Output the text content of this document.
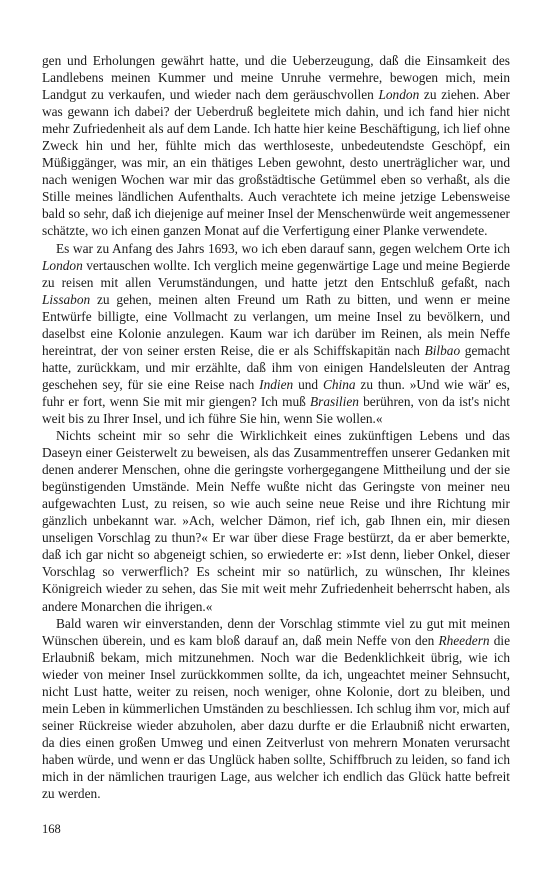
gen und Erholungen gewährt hatte, und die Ueberzeugung, daß die Einsamkeit des Landlebens meinen Kummer und meine Unruhe vermehre, bewogen mich, mein Landgut zu verkaufen, und wieder nach dem geräuschvollen London zu ziehen. Aber was gewann ich dabei? der Ueberdruß begleitete mich dahin, und ich fand hier nicht mehr Zufriedenheit als auf dem Lande. Ich hatte hier keine Beschäftigung, ich lief ohne Zweck hin und her, fühlte mich das werthloseste, unbedeutendste Geschöpf, ein Müßiggänger, was mir, an ein thätiges Leben gewohnt, desto unerträglicher war, und nach wenigen Wochen war mir das großstädtische Getümmel eben so verhaßt, als die Stille meines ländlichen Aufenthalts. Auch verachtete ich meine jetzige Lebensweise bald so sehr, daß ich diejenige auf meiner Insel der Menschenwürde weit angemessener schätzte, wo ich einen ganzen Monat auf die Verfertigung einer Planke verwendete.

Es war zu Anfang des Jahrs 1693, wo ich eben darauf sann, gegen welchem Orte ich London vertauschen wollte. Ich verglich meine gegenwärtige Lage und meine Begierde zu reisen mit allen Verumständungen, und hatte jetzt den Entschluß gefaßt, nach Lissabon zu gehen, meinen alten Freund um Rath zu bitten, und wenn er meine Entwürfe billigte, eine Vollmacht zu verlangen, um meine Insel zu bevölkern, und daselbst eine Kolonie anzulegen. Kaum war ich darüber im Reinen, als mein Neffe hereintrat, der von seiner ersten Reise, die er als Schiffskapitän nach Bilbao gemacht hatte, zurückkam, und mir erzählte, daß ihm von einigen Handelsleuten der Antrag geschehen sey, für sie eine Reise nach Indien und China zu thun. »Und wie wär' es, fuhr er fort, wenn Sie mit mir giengen? Ich muß Brasilien berühren, von da ist's nicht weit bis zu Ihrer Insel, und ich führe Sie hin, wenn Sie wollen.«

Nichts scheint mir so sehr die Wirklichkeit eines zukünftigen Lebens und das Daseyn einer Geisterwelt zu beweisen, als das Zusammentreffen unserer Gedanken mit denen anderer Menschen, ohne die geringste vorhergegangene Mittheilung und der sie begünstigenden Umstände. Mein Neffe wußte nicht das Geringste von meiner neu aufgewachten Lust, zu reisen, so wie auch seine neue Reise und ihre Richtung mir gänzlich unbekannt war. »Ach, welcher Dämon, rief ich, gab Ihnen ein, mir diesen unseligen Vorschlag zu thun?« Er war über diese Frage bestürzt, da er aber bemerkte, daß ich gar nicht so abgeneigt schien, so erwiederte er: »Ist denn, lieber Onkel, dieser Vorschlag so verwerflich? Es scheint mir so natürlich, zu wünschen, Ihr kleines Königreich wieder zu sehen, das Sie mit weit mehr Zufriedenheit beherrscht haben, als andere Monarchen die ihrigen.«

Bald waren wir einverstanden, denn der Vorschlag stimmte viel zu gut mit meinen Wünschen überein, und es kam bloß darauf an, daß mein Neffe von den Rheedern die Erlaubniß bekam, mich mitzunehmen. Noch war die Bedenklichkeit übrig, wie ich wieder von meiner Insel zurückkommen sollte, da ich, ungeachtet meiner Sehnsucht, nicht Lust hatte, weiter zu reisen, noch weniger, ohne Kolonie, dort zu bleiben, und mein Leben in kümmerlichen Umständen zu beschliessen. Ich schlug ihm vor, mich auf seiner Rückreise wieder abzuholen, aber dazu durfte er die Erlaubniß nicht erwarten, da dies einen großen Umweg und einen Zeitverlust von mehrern Monaten verursacht haben würde, und wenn er das Unglück haben sollte, Schiffbruch zu leiden, so fand ich mich in der nämlichen traurigen Lage, aus welcher ich endlich das Glück hatte befreit zu werden.

168
